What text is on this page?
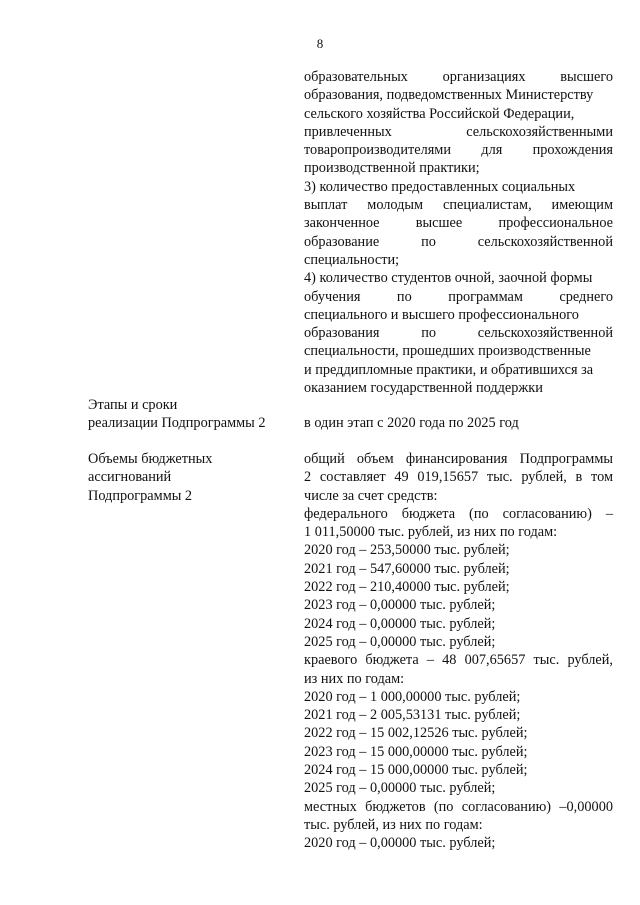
8
образовательных организациях высшего
образования, подведомственных Министерству
сельского хозяйства Российской Федерации,
привлеченных сельскохозяйственными
товаропроизводителями для прохождения
производственной практики;
3) количество предоставленных социальных
выплат молодым специалистам, имеющим
законченное высшее профессиональное
образование по сельскохозяйственной
специальности;
4) количество студентов очной, заочной формы
обучения по программам среднего
специального и высшего профессионального
образования по сельскохозяйственной
специальности, прошедших производственные
и преддипломные практики, и обратившихся за
оказанием государственной поддержки
Этапы и сроки
реализации Подпрограммы 2	в один этап с 2020 года по 2025 год
Объемы бюджетных
ассигнований
Подпрограммы 2
общий объем финансирования Подпрограммы
2 составляет 49 019,15657 тыс. рублей, в том
числе за счет средств:
федерального бюджета (по согласованию) –
1 011,50000 тыс. рублей, из них по годам:
2020 год – 253,50000 тыс. рублей;
2021 год – 547,60000 тыс. рублей;
2022 год – 210,40000 тыс. рублей;
2023 год – 0,00000 тыс. рублей;
2024 год – 0,00000 тыс. рублей;
2025 год – 0,00000 тыс. рублей;
краевого бюджета – 48 007,65657 тыс. рублей,
из них по годам:
2020 год – 1 000,00000 тыс. рублей;
2021 год – 2 005,53131 тыс. рублей;
2022 год – 15 002,12526 тыс. рублей;
2023 год – 15 000,00000 тыс. рублей;
2024 год – 15 000,00000 тыс. рублей;
2025 год – 0,00000 тыс. рублей;
местных бюджетов (по согласованию) –0,00000
тыс. рублей, из них по годам:
2020 год – 0,00000 тыс. рублей;
